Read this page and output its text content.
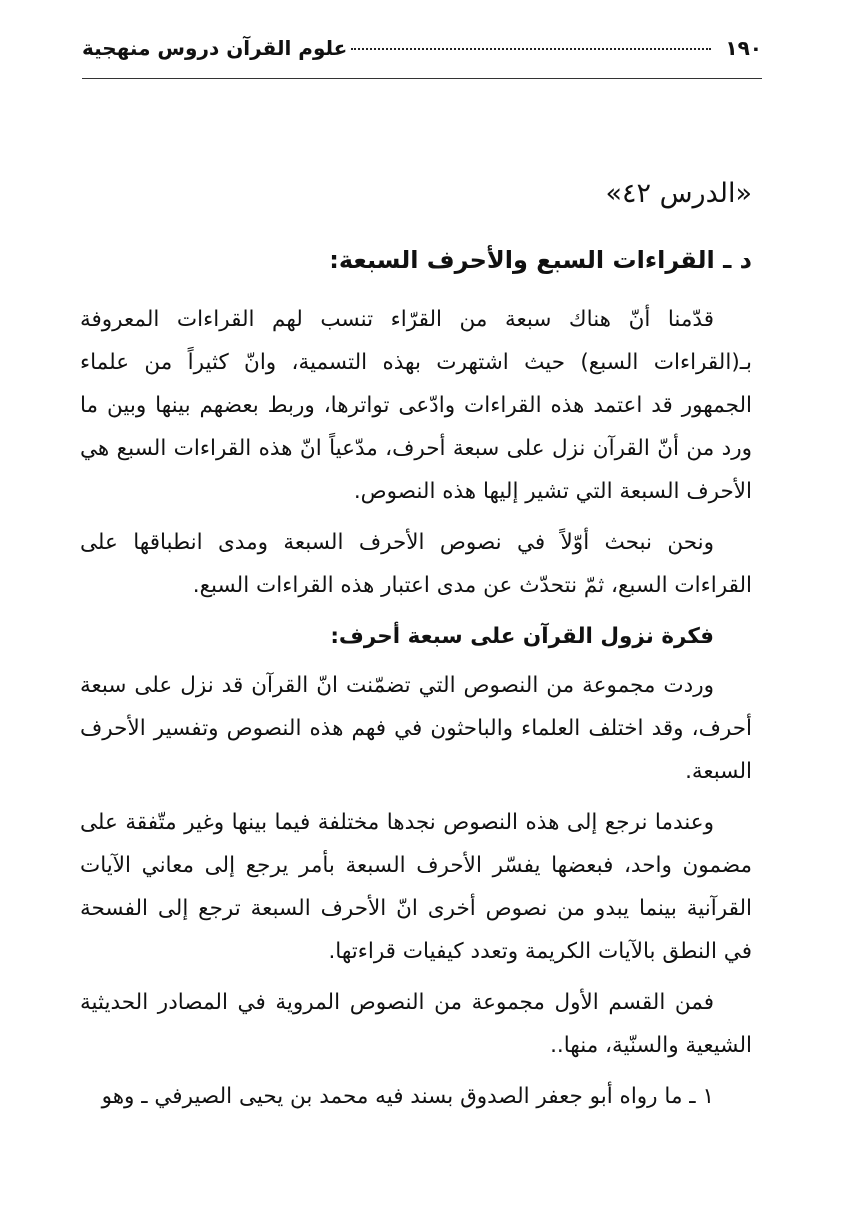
١٩٠
علوم القرآن دروس منهجية
«الدرس ٤٢»
د ـ القراءات السبع والأحرف السبعة:

قدّمنا أنّ هناك سبعة من القرّاء تنسب لهم القراءات المعروفة بـ(القراءات السبع) حيث اشتهرت بهذه التسمية، وانّ كثيراً من علماء الجمهور قد اعتمد هذه القراءات وادّعى تواترها، وربط بعضهم بينها وبين ما ورد من أنّ القرآن نزل على سبعة أحرف، مدّعياً انّ هذه القراءات السبع هي الأحرف السبعة التي تشير إليها هذه النصوص.

ونحن نبحث أوّلاً في نصوص الأحرف السبعة ومدى انطباقها على القراءات السبع، ثمّ نتحدّث عن مدى اعتبار هذه القراءات السبع.

فكرة نزول القرآن على سبعة أحرف:

وردت مجموعة من النصوص التي تضمّنت انّ القرآن قد نزل على سبعة أحرف، وقد اختلف العلماء والباحثون في فهم هذه النصوص وتفسير الأحرف السبعة.

وعندما نرجع إلى هذه النصوص نجدها مختلفة فيما بينها وغير متّفقة على مضمون واحد، فبعضها يفسّر الأحرف السبعة بأمر يرجع إلى معاني الآيات القرآنية بينما يبدو من نصوص أخرى انّ الأحرف السبعة ترجع إلى الفسحة في النطق بالآيات الكريمة وتعدد كيفيات قراءتها.

فمن القسم الأول مجموعة من النصوص المروية في المصادر الحديثية الشيعية والسنّية، منها..

١ ـ ما رواه أبو جعفر الصدوق بسند فيه محمد بن يحيى الصيرفي ـ وهو
